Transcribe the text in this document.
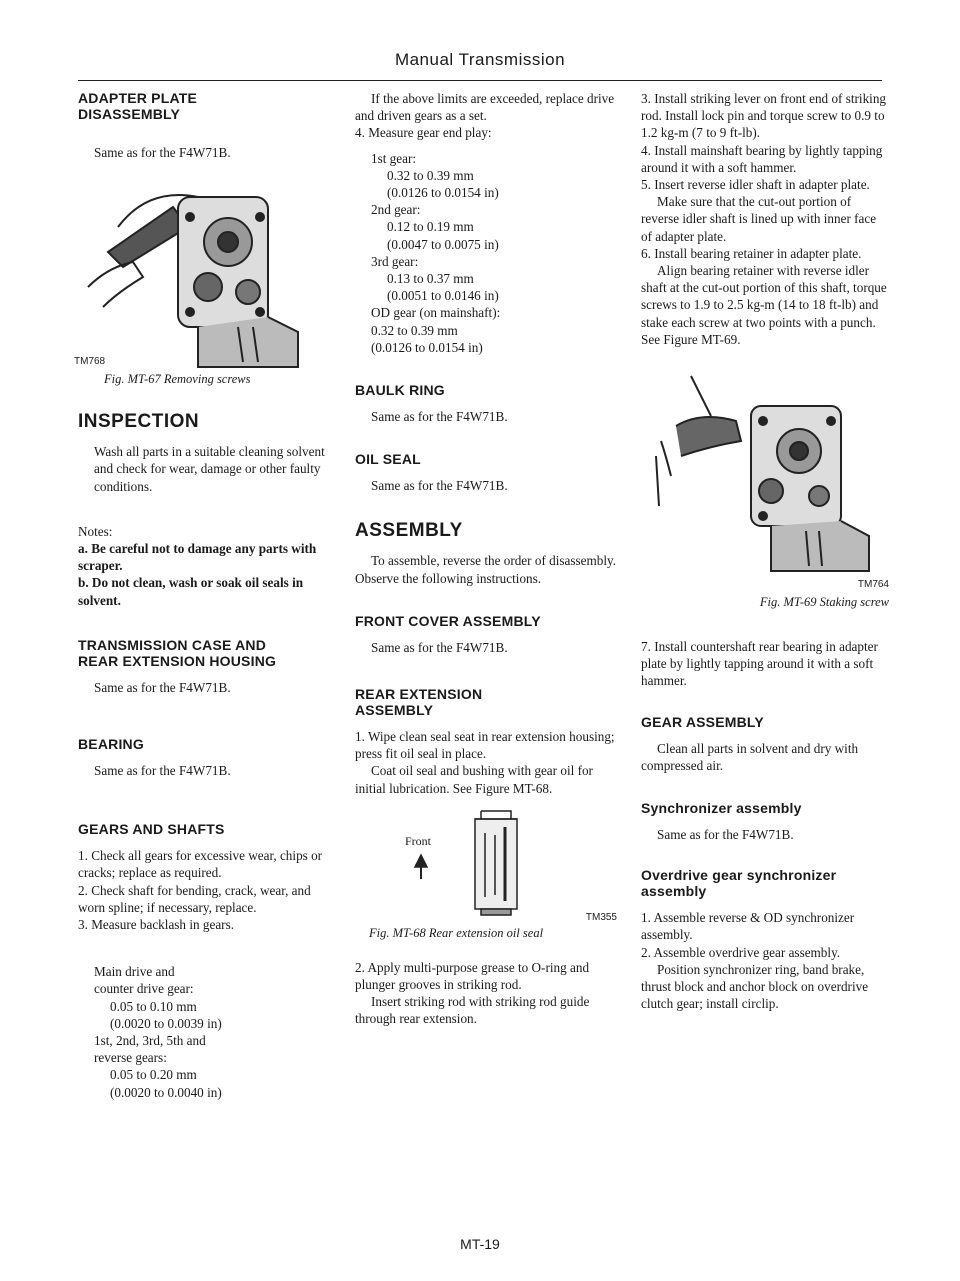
Manual Transmission
ADAPTER PLATE
DISASSEMBLY

Same as for the F4W71B.

TM768
Fig. MT-67 Removing screws
INSPECTION

Wash all parts in a suitable cleaning solvent and check for wear, damage or other faulty conditions.

Notes:

a. Be careful not to damage any parts with scraper.

b. Do not clean, wash or soak oil seals in solvent.

TRANSMISSION CASE AND
REAR EXTENSION HOUSING

Same as for the F4W71B.

BEARING

Same as for the F4W71B.

GEARS AND SHAFTS

1. Check all gears for excessive wear, chips or cracks; replace as required.

2. Check shaft for bending, crack, wear, and worn spline; if necessary, replace.

3. Measure backlash in gears.

Main drive and

counter drive gear:

0.05 to 0.10 mm

(0.0020 to 0.0039 in)

1st, 2nd, 3rd, 5th and

reverse gears:

0.05 to 0.20 mm

(0.0020 to 0.0040 in)

If the above limits are exceeded, replace drive and driven gears as a set.

4. Measure gear end play:

1st gear:

0.32 to 0.39 mm

(0.0126 to 0.0154 in)

2nd gear:

0.12 to 0.19 mm

(0.0047 to 0.0075 in)

3rd gear:

0.13 to 0.37 mm

(0.0051 to 0.0146 in)

OD gear (on mainshaft):

0.32 to 0.39 mm

(0.0126 to 0.0154 in)

BAULK RING

Same as for the F4W71B.

OIL SEAL

Same as for the F4W71B.

ASSEMBLY

To assemble, reverse the order of disassembly. Observe the following instructions.

FRONT COVER ASSEMBLY

Same as for the F4W71B.

REAR EXTENSION
ASSEMBLY

1. Wipe clean seal seat in rear extension housing; press fit oil seal in place.

Coat oil seal and bushing with gear oil for initial lubrication. See Figure MT-68.

Front
TM355
Fig. MT-68 Rear extension oil seal

2. Apply multi-purpose grease to O-ring and plunger grooves in striking rod.

Insert striking rod with striking rod guide through rear extension.

3. Install striking lever on front end of striking rod. Install lock pin and torque screw to 0.9 to 1.2 kg-m (7 to 9 ft-lb).

4. Install mainshaft bearing by lightly tapping around it with a soft hammer.

5. Insert reverse idler shaft in adapter plate.

Make sure that the cut-out portion of reverse idler shaft is lined up with inner face of adapter plate.

6. Install bearing retainer in adapter plate.

Align bearing retainer with reverse idler shaft at the cut-out portion of this shaft, torque screws to 1.9 to 2.5 kg-m (14 to 18 ft-lb) and stake each screw at two points with a punch. See Figure MT-69.

TM764
Fig. MT-69 Staking screw

7. Install countershaft rear bearing in adapter plate by lightly tapping around it with a soft hammer.

GEAR ASSEMBLY

Clean all parts in solvent and dry with compressed air.

Synchronizer assembly

Same as for the F4W71B.

Overdrive gear synchronizer
assembly

1. Assemble reverse & OD synchronizer assembly.

2. Assemble overdrive gear assembly.

Position synchronizer ring, band brake, thrust block and anchor block on overdrive clutch gear; install circlip.

MT-19
